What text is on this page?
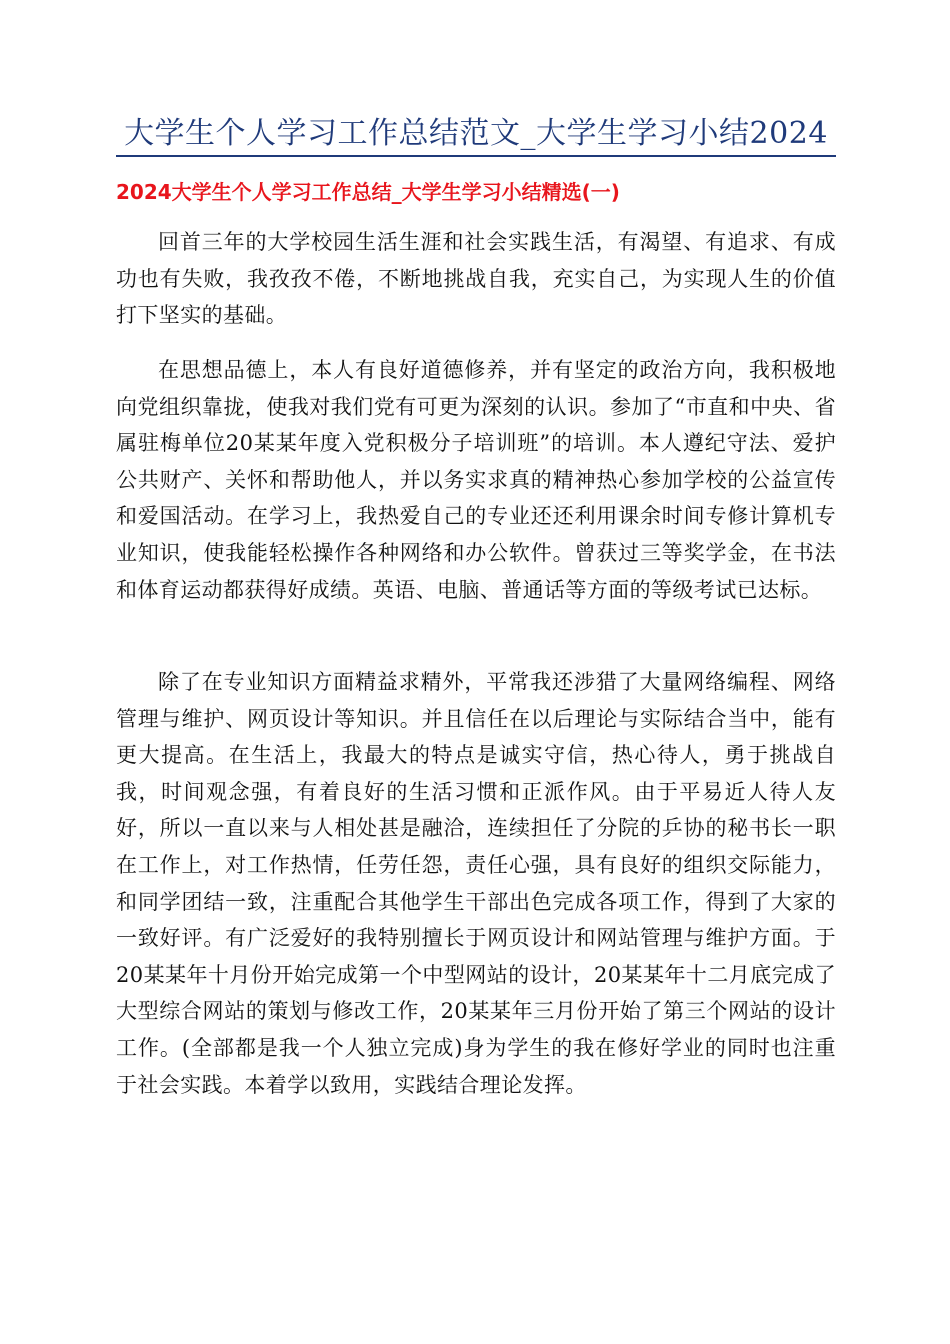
大学生个人学习工作总结范文_大学生学习小结2024
2024大学生个人学习工作总结_大学生学习小结精选(一)

回首三年的大学校园生活生涯和社会实践生活，有渴望、有追求、有成功也有失败，我孜孜不倦，不断地挑战自我，充实自己，为实现人生的价值打下坚实的基础。

在思想品德上，本人有良好道德修养，并有坚定的政治方向，我积极地向党组织靠拢，使我对我们党有可更为深刻的认识。参加了“市直和中央、省属驻梅单位20某某年度入党积极分子培训班”的培训。本人遵纪守法、爱护公共财产、关怀和帮助他人，并以务实求真的精神热心参加学校的公益宣传和爱国活动。在学习上，我热爱自己的专业还还利用课余时间专修计算机专业知识，使我能轻松操作各种网络和办公软件。曾获过三等奖学金，在书法和体育运动都获得好成绩。英语、电脑、普通话等方面的等级考试已达标。

除了在专业知识方面精益求精外，平常我还涉猎了大量网络编程、网络管理与维护、网页设计等知识。并且信任在以后理论与实际结合当中，能有更大提高。在生活上，我最大的特点是诚实守信，热心待人，勇于挑战自我，时间观念强，有着良好的生活习惯和正派作风。由于平易近人待人友好，所以一直以来与人相处甚是融洽，连续担任了分院的乒协的秘书长一职在工作上，对工作热情，任劳任怨，责任心强，具有良好的组织交际能力，和同学团结一致，注重配合其他学生干部出色完成各项工作，得到了大家的一致好评。有广泛爱好的我特别擅长于网页设计和网站管理与维护方面。于20某某年十月份开始完成第一个中型网站的设计，20某某年十二月底完成了大型综合网站的策划与修改工作，20某某年三月份开始了第三个网站的设计工作。(全部都是我一个人独立完成)身为学生的我在修好学业的同时也注重于社会实践。本着学以致用，实践结合理论发挥。
